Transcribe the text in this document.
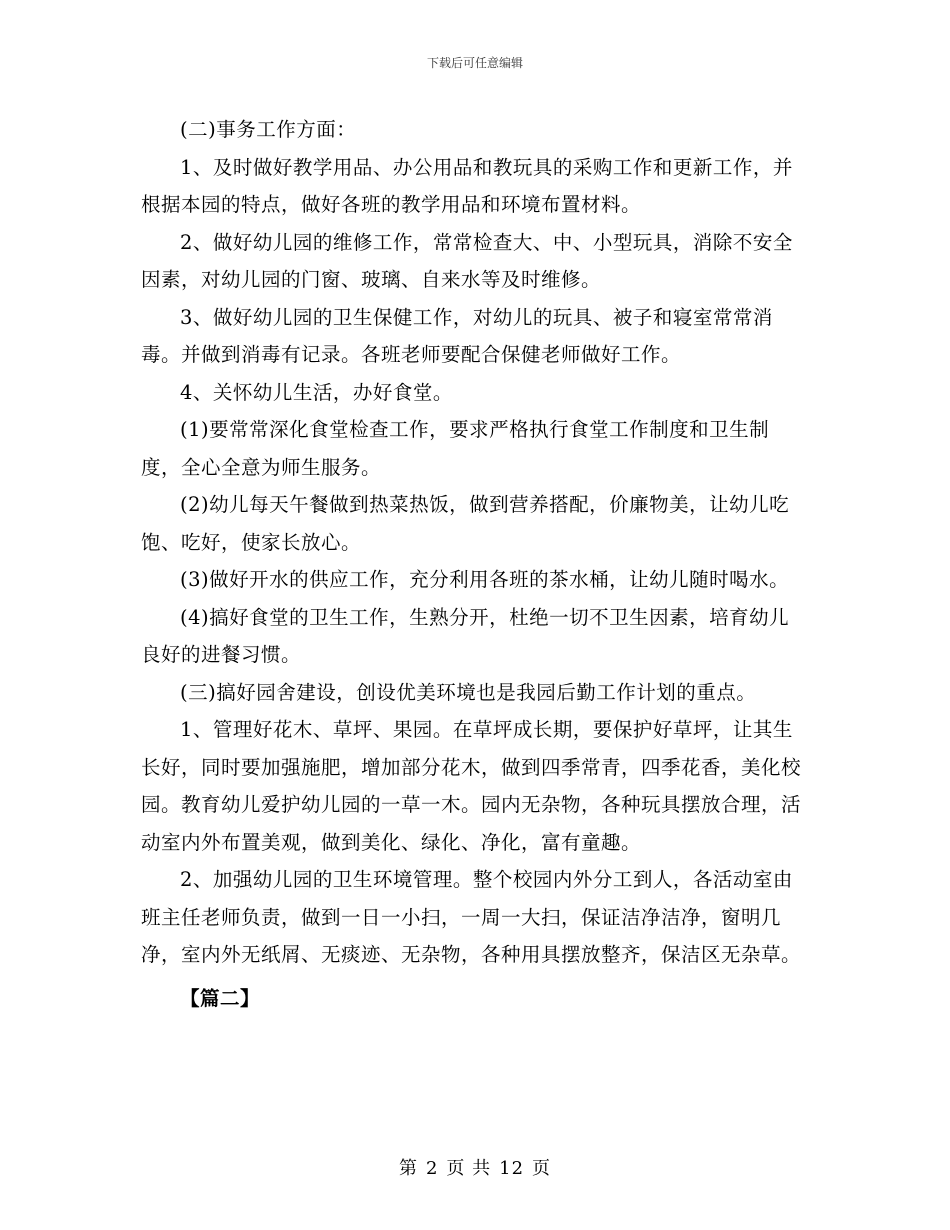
下载后可任意编辑

(二)事务工作方面：

1、及时做好教学用品、办公用品和教玩具的采购工作和更新工作，并根据本园的特点，做好各班的教学用品和环境布置材料。

2、做好幼儿园的维修工作，常常检查大、中、小型玩具，消除不安全因素，对幼儿园的门窗、玻璃、自来水等及时维修。

3、做好幼儿园的卫生保健工作，对幼儿的玩具、被子和寝室常常消毒。并做到消毒有记录。各班老师要配合保健老师做好工作。

4、关怀幼儿生活，办好食堂。

(1)要常常深化食堂检查工作，要求严格执行食堂工作制度和卫生制度，全心全意为师生服务。

(2)幼儿每天午餐做到热菜热饭，做到营养搭配，价廉物美，让幼儿吃饱、吃好，使家长放心。

(3)做好开水的供应工作，充分利用各班的茶水桶，让幼儿随时喝水。

(4)搞好食堂的卫生工作，生熟分开，杜绝一切不卫生因素，培育幼儿良好的进餐习惯。

(三)搞好园舍建设，创设优美环境也是我园后勤工作计划的重点。

1、管理好花木、草坪、果园。在草坪成长期，要保护好草坪，让其生长好，同时要加强施肥，增加部分花木，做到四季常青，四季花香，美化校园。教育幼儿爱护幼儿园的一草一木。园内无杂物，各种玩具摆放合理，活动室内外布置美观，做到美化、绿化、净化，富有童趣。

2、加强幼儿园的卫生环境管理。整个校园内外分工到人，各活动室由班主任老师负责，做到一日一小扫，一周一大扫，保证洁净洁净，窗明几净，室内外无纸屑、无痰迹、无杂物，各种用具摆放整齐，保洁区无杂草。

【篇二】

第 2 页 共 12 页
